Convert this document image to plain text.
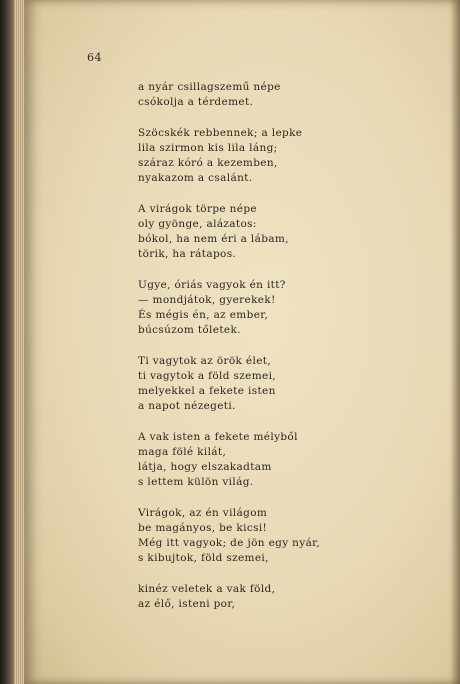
64
a nyár csillagszemű népe
csókolja a térdemet.
Szöcskék rebbennek; a lepke
lila szirmon kis lila láng;
száraz kóró a kezemben,
nyakazom a csalánt.
A virágok törpe népe
oly gyönge, alázatos:
bókol, ha nem éri a lábam,
törik, ha rátapos.
Ugye, óriás vagyok én itt?
— mondjátok, gyerekek!
És mégis én, az ember,
búcsúzom tőletek.
Ti vagytok az örök élet,
ti vagytok a föld szemei,
melyekkel a fekete isten
a napot nézegeti.
A vak isten a fekete mélyből
maga fölé kilát,
látja, hogy elszakadtam
s lettem külön világ.
Virágok, az én világom
be magányos, be kicsi!
Még itt vagyok; de jön egy nyár,
s kibujtok, föld szemei,
kinéz veletek a vak föld,
az élő, isteni por,
